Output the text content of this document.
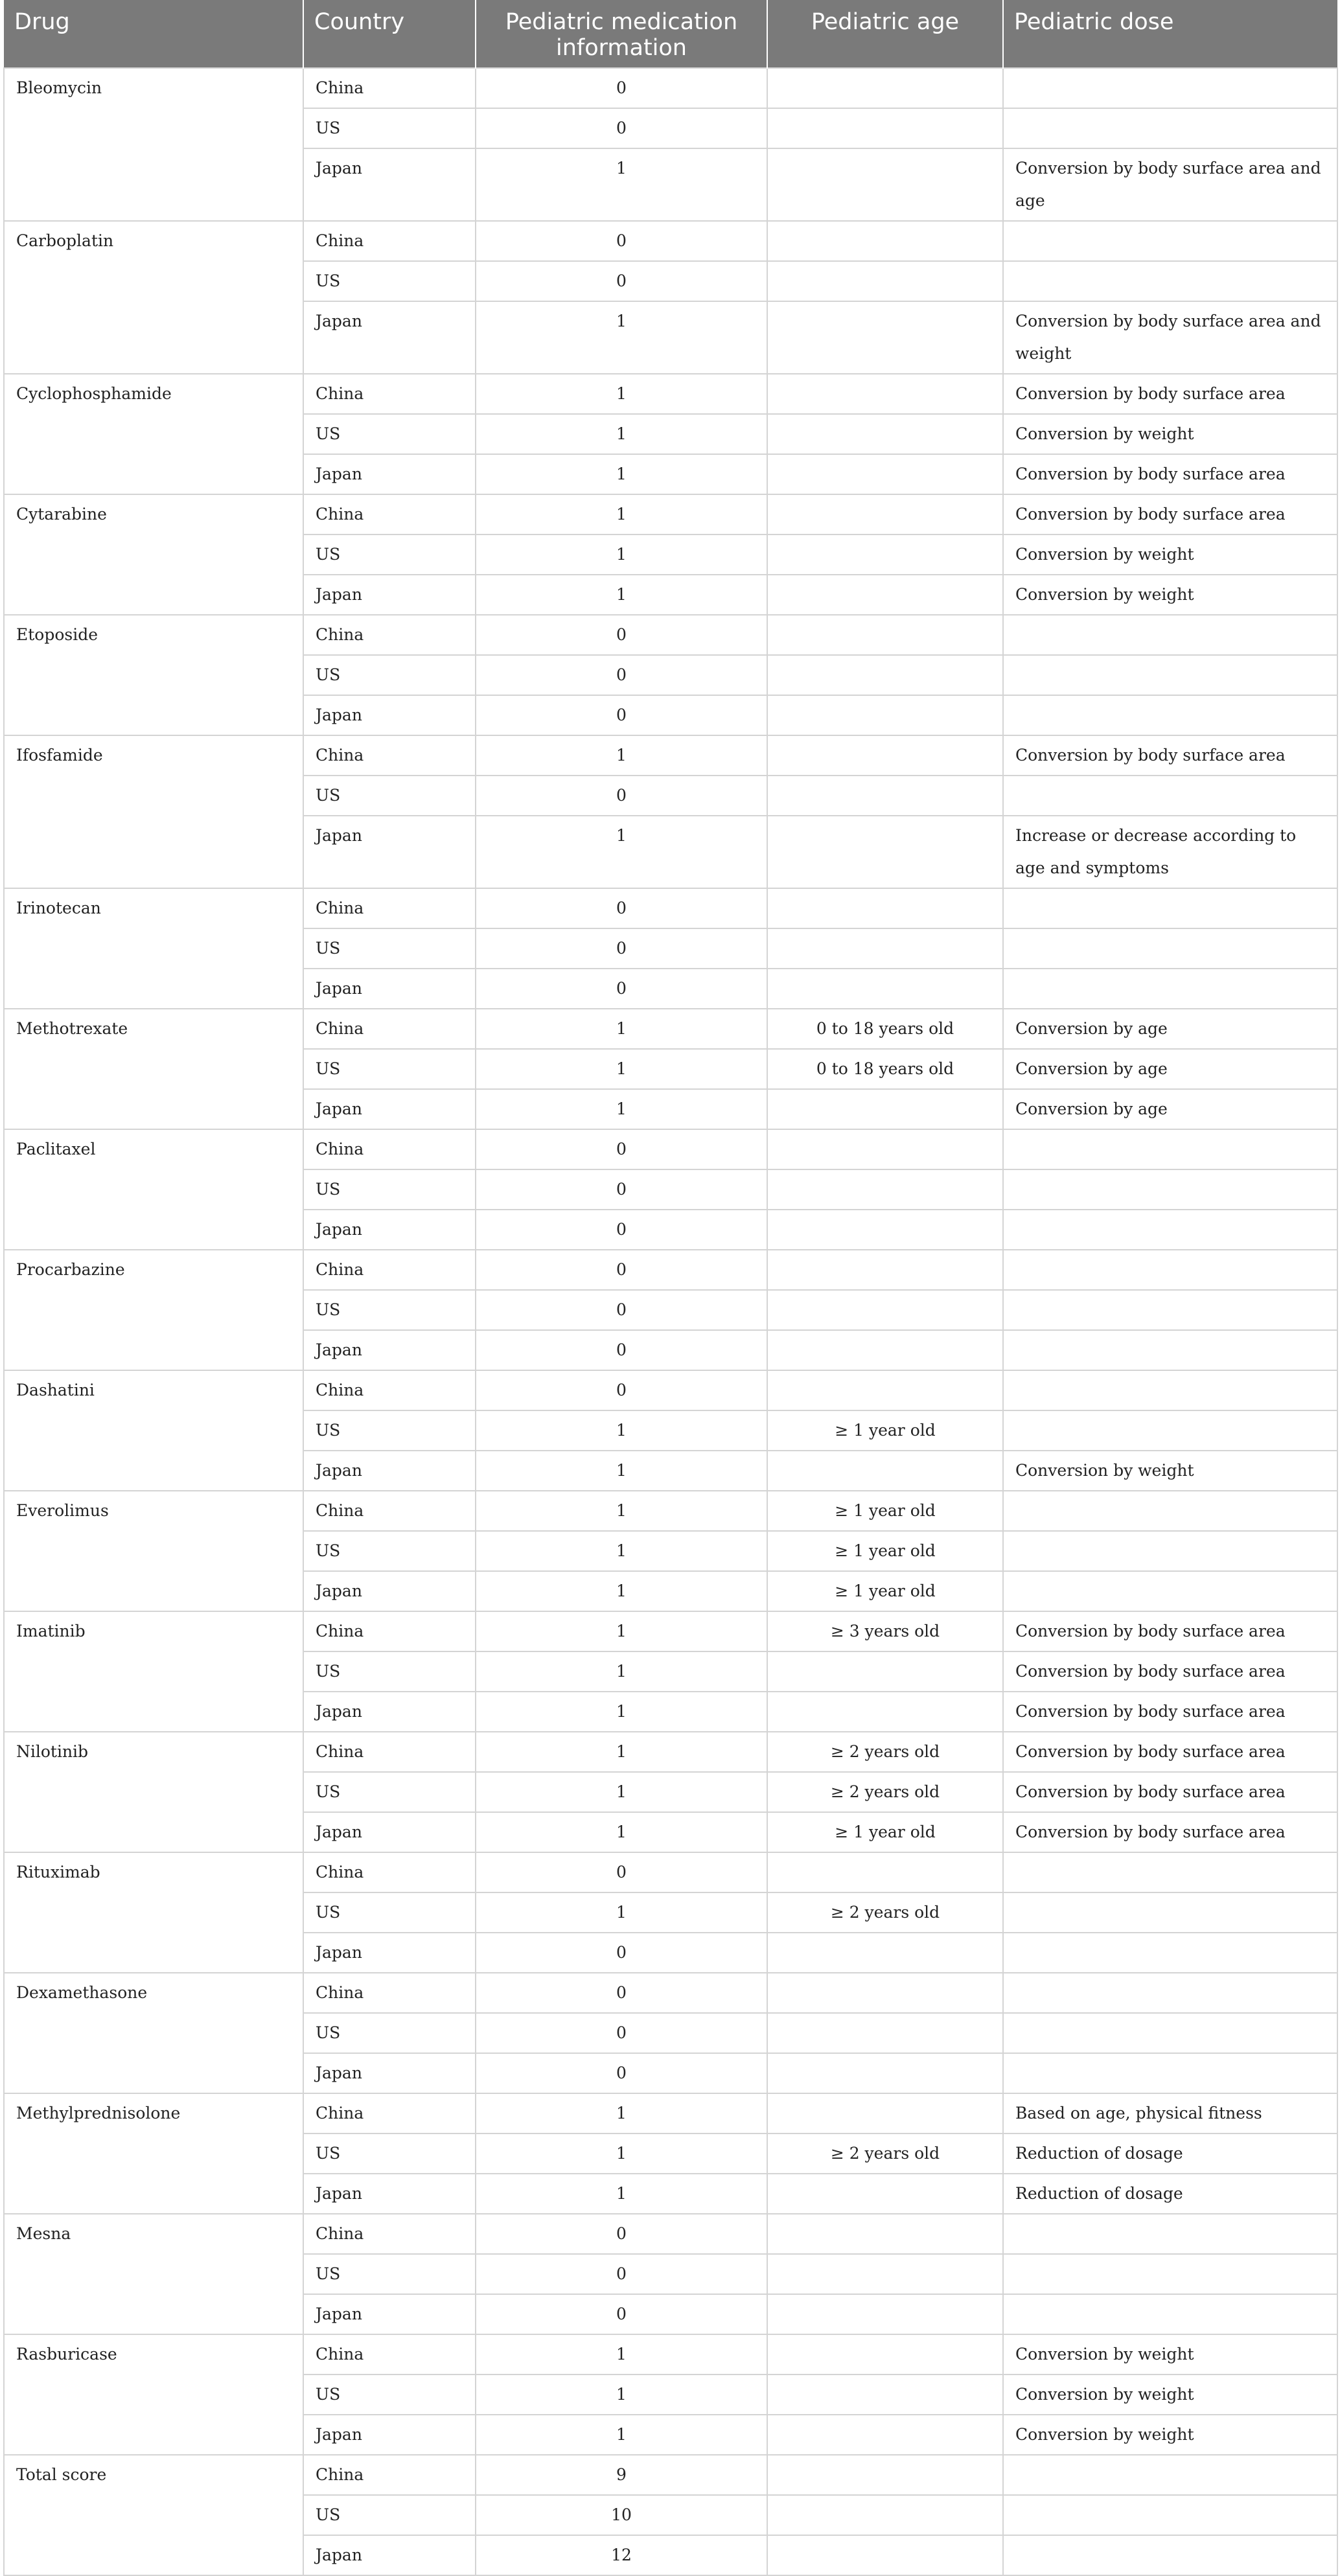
Drug	Country	Pediatric medication information	Pediatric age	Pediatric dose
Bleomycin	China	0		
	US	0		
	Japan	1		Conversion by body surface area and age
Carboplatin	China	0		
	US	0		
	Japan	1		Conversion by body surface area and weight
Cyclophosphamide	China	1		Conversion by body surface area
	US	1		Conversion by weight
	Japan	1		Conversion by body surface area
Cytarabine	China	1		Conversion by body surface area
	US	1		Conversion by weight
	Japan	1		Conversion by weight
Etoposide	China	0		
	US	0		
	Japan	0		
Ifosfamide	China	1		Conversion by body surface area
	US	0		
	Japan	1		Increase or decrease according to age and symptoms
Irinotecan	China	0		
	US	0		
	Japan	0		
Methotrexate	China	1	0 to 18 years old	Conversion by age
	US	1	0 to 18 years old	Conversion by age
	Japan	1		Conversion by age
Paclitaxel	China	0		
	US	0		
	Japan	0		
Procarbazine	China	0		
	US	0		
	Japan	0		
Dashatini	China	0		
	US	1	≥ 1 year old	
	Japan	1		Conversion by weight
Everolimus	China	1	≥ 1 year old	
	US	1	≥ 1 year old	
	Japan	1	≥ 1 year old	
Imatinib	China	1	≥ 3 years old	Conversion by body surface area
	US	1		Conversion by body surface area
	Japan	1		Conversion by body surface area
Nilotinib	China	1	≥ 2 years old	Conversion by body surface area
	US	1	≥ 2 years old	Conversion by body surface area
	Japan	1	≥ 1 year old	Conversion by body surface area
Rituximab	China	0		
	US	1	≥ 2 years old	
	Japan	0		
Dexamethasone	China	0		
	US	0		
	Japan	0		
Methylprednisolone	China	1		Based on age, physical fitness
	US	1	≥ 2 years old	Reduction of dosage
	Japan	1		Reduction of dosage
Mesna	China	0		
	US	0		
	Japan	0		
Rasburicase	China	1		Conversion by weight
	US	1		Conversion by weight
	Japan	1		Conversion by weight
Total score	China	9		
	US	10		
	Japan	12		
